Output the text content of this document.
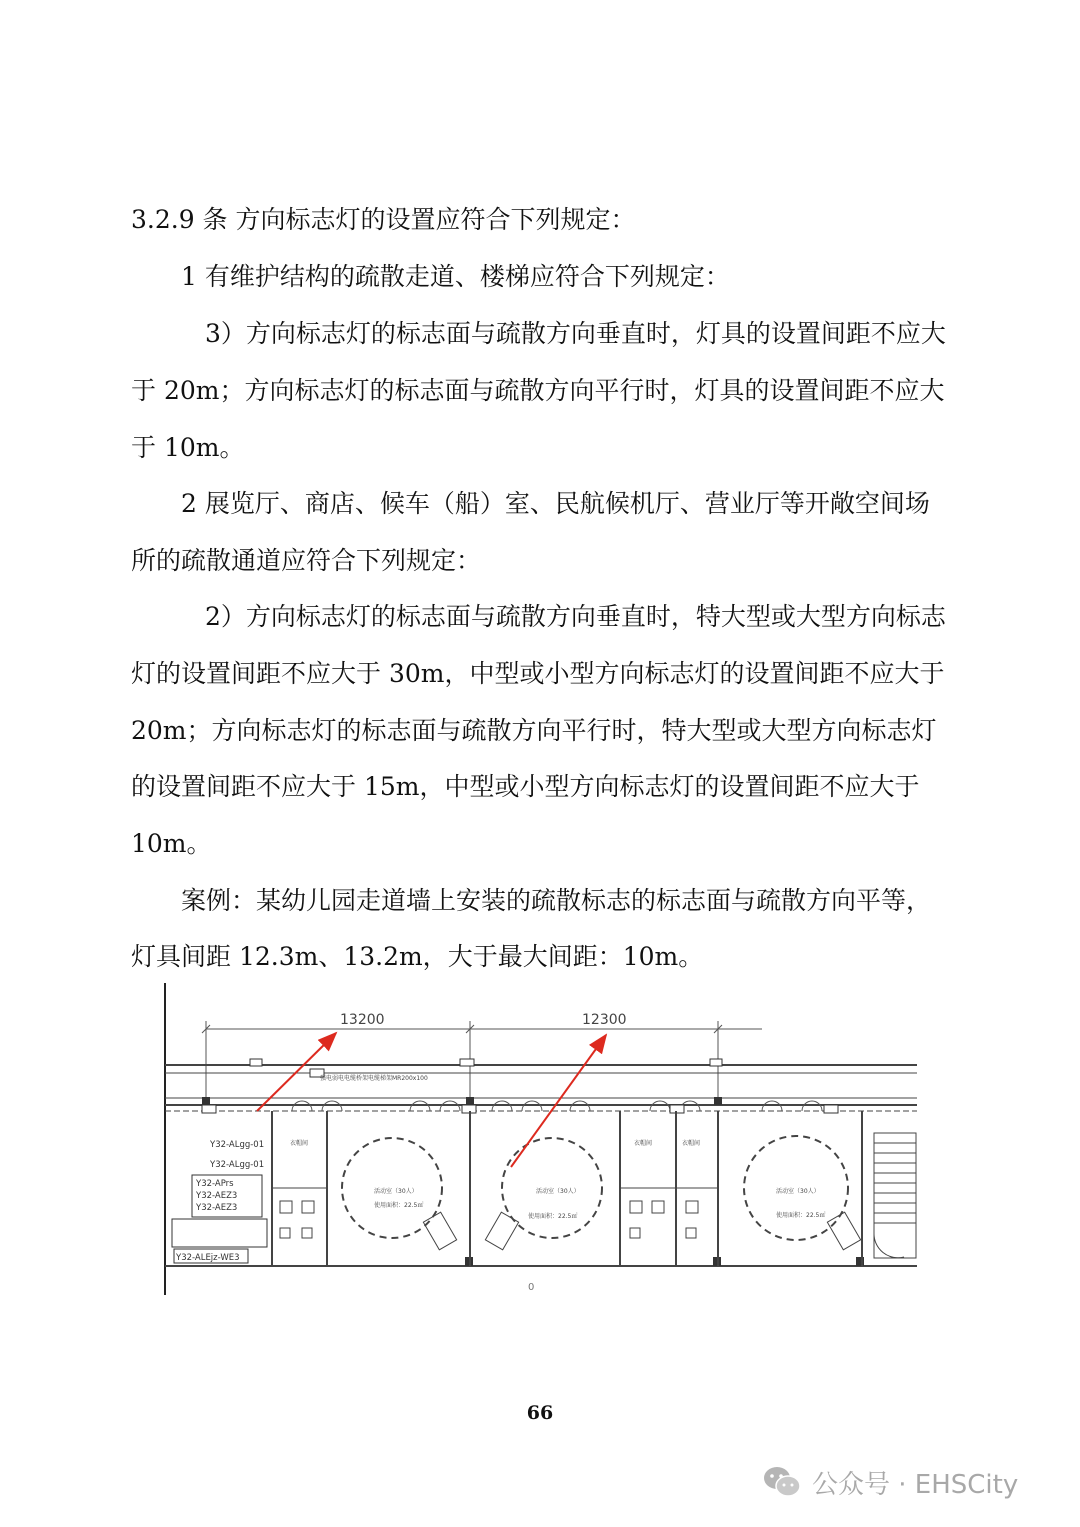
3.2.9 条 方向标志灯的设置应符合下列规定：

1 有维护结构的疏散走道、楼梯应符合下列规定：

3）方向标志灯的标志面与疏散方向垂直时，灯具的设置间距不应大

于 20m；方向标志灯的标志面与疏散方向平行时，灯具的设置间距不应大

于 10m。

2 展览厅、商店、候车（船）室、民航候机厅、营业厅等开敞空间场

所的疏散通道应符合下列规定：

2）方向标志灯的标志面与疏散方向垂直时，特大型或大型方向标志

灯的设置间距不应大于 30m，中型或小型方向标志灯的设置间距不应大于

20m；方向标志灯的标志面与疏散方向平行时，特大型或大型方向标志灯

的设置间距不应大于 15m，中型或小型方向标志灯的设置间距不应大于

10m。

案例：某幼儿园走道墙上安装的疏散标志的标志面与疏散方向平等，

灯具间距 12.3m、13.2m，大于最大间距：10m。

13200	12300
Y32-ALgg-01
Y32-ALgg-01
Y32-APrs
Y32-AEZ3
Y32-AEZ3
Y32-ALEjz-WE3
强电弱电电缆桥架电缆梯架MR200x100
活动室（30人）
使用面积：22.5㎡
活动室（30人）
使用面积：22.5㎡
活动室（30人）
使用面积：22.5㎡
衣帽间	衣帽间	衣帽间
0

66

公众号 · EHSCity
